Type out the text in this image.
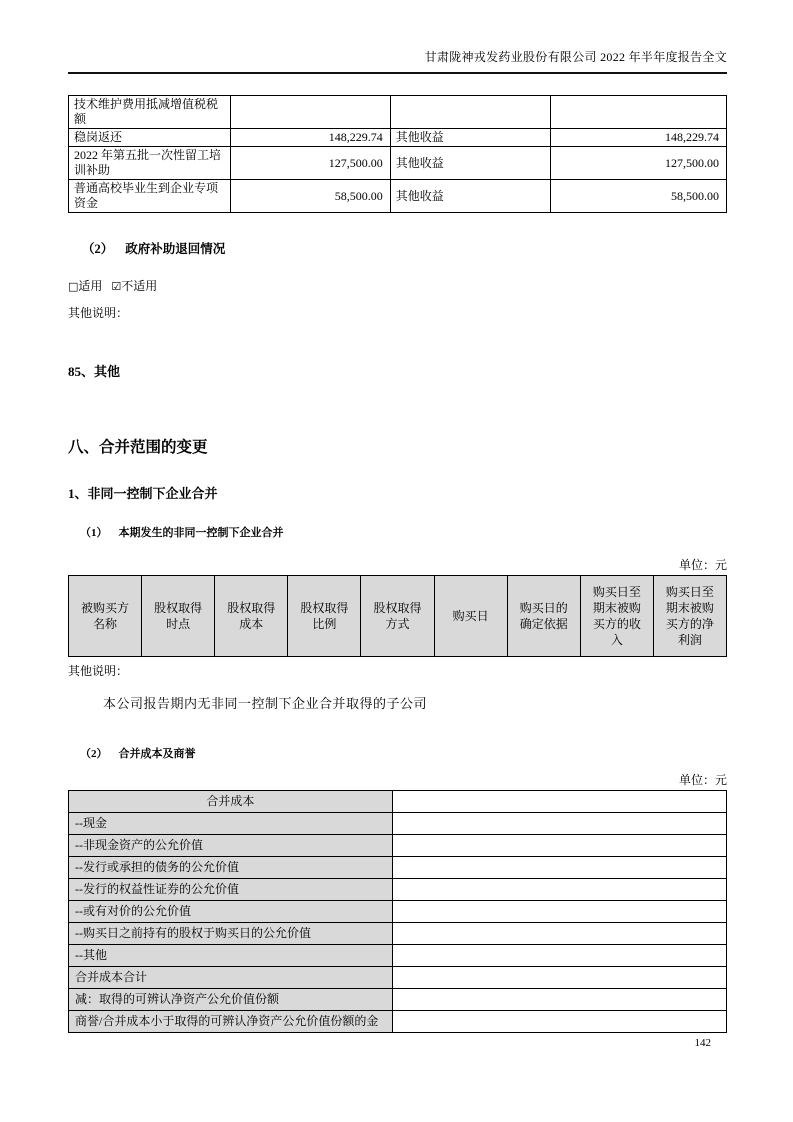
甘肃陇神戎发药业股份有限公司 2022 年半年度报告全文
技术维护费用抵减增值税税额			
稳岗返还	148,229.74	其他收益	148,229.74
2022 年第五批一次性留工培训补助	127,500.00	其他收益	127,500.00
普通高校毕业生到企业专项资金	58,500.00	其他收益	58,500.00
（2） 政府补助退回情况
□适用 ☑不适用
其他说明：
85、其他
八、合并范围的变更
1、非同一控制下企业合并
（1） 本期发生的非同一控制下企业合并
单位：元
被购买方名称	股权取得时点	股权取得成本	股权取得比例	股权取得方式	购买日	购买日的确定依据	购买日至期末被购买方的收入	购买日至期末被购买方的净利润
其他说明：
本公司报告期内无非同一控制下企业合并取得的子公司
（2） 合并成本及商誉
单位：元
合并成本	
--现金	
--非现金资产的公允价值	
--发行或承担的债务的公允价值	
--发行的权益性证券的公允价值	
--或有对价的公允价值	
--购买日之前持有的股权于购买日的公允价值	
--其他	
合并成本合计	
减：取得的可辨认净资产公允价值份额	
商誉/合并成本小于取得的可辨认净资产公允价值份额的金	
142
